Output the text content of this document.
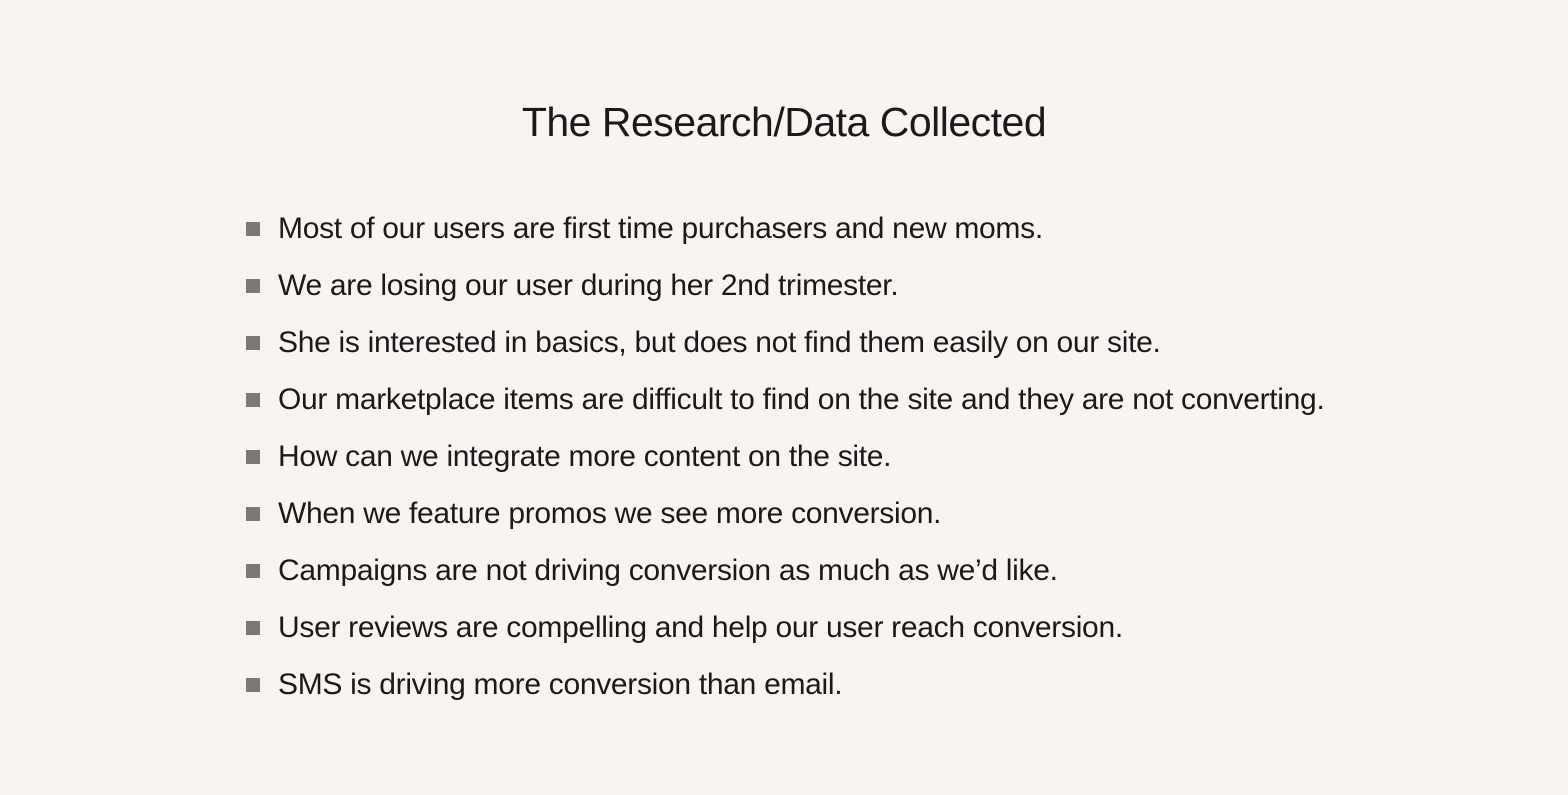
The Research/Data Collected
Most of our users are first time purchasers and new moms.
We are losing our user during her 2nd trimester.
She is interested in basics, but does not find them easily on our site.
Our marketplace items are difficult to find on the site and they are not converting.
How can we integrate more content on the site.
When we feature promos we see more conversion.
Campaigns are not driving conversion as much as we’d like.
User reviews are compelling and help our user reach conversion.
SMS is driving more conversion than email.
